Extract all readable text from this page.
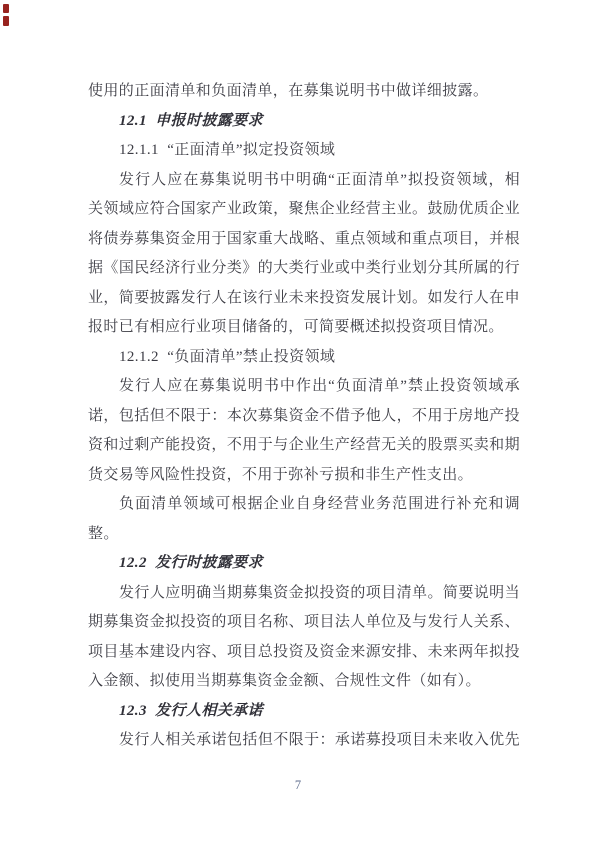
使用的正面清单和负面清单，在募集说明书中做详细披露。
12.1  申报时披露要求
12.1.1  “正面清单”拟定投资领域
发行人应在募集说明书中明确“正面清单”拟投资领域，相
关领域应符合国家产业政策，聚焦企业经营主业。鼓励优质企业
将债券募集资金用于国家重大战略、重点领域和重点项目，并根
据《国民经济行业分类》的大类行业或中类行业划分其所属的行
业，简要披露发行人在该行业未来投资发展计划。如发行人在申
报时已有相应行业项目储备的，可简要概述拟投资项目情况。
12.1.2  “负面清单”禁止投资领域
发行人应在募集说明书中作出“负面清单”禁止投资领域承
诺，包括但不限于：本次募集资金不借予他人，不用于房地产投
资和过剩产能投资，不用于与企业生产经营无关的股票买卖和期
货交易等风险性投资，不用于弥补亏损和非生产性支出。
负面清单领域可根据企业自身经营业务范围进行补充和调
整。
12.2  发行时披露要求
发行人应明确当期募集资金拟投资的项目清单。简要说明当
期募集资金拟投资的项目名称、项目法人单位及与发行人关系、
项目基本建设内容、项目总投资及资金来源安排、未来两年拟投
入金额、拟使用当期募集资金金额、合规性文件（如有）。
12.3  发行人相关承诺
发行人相关承诺包括但不限于：承诺募投项目未来收入优先
7
